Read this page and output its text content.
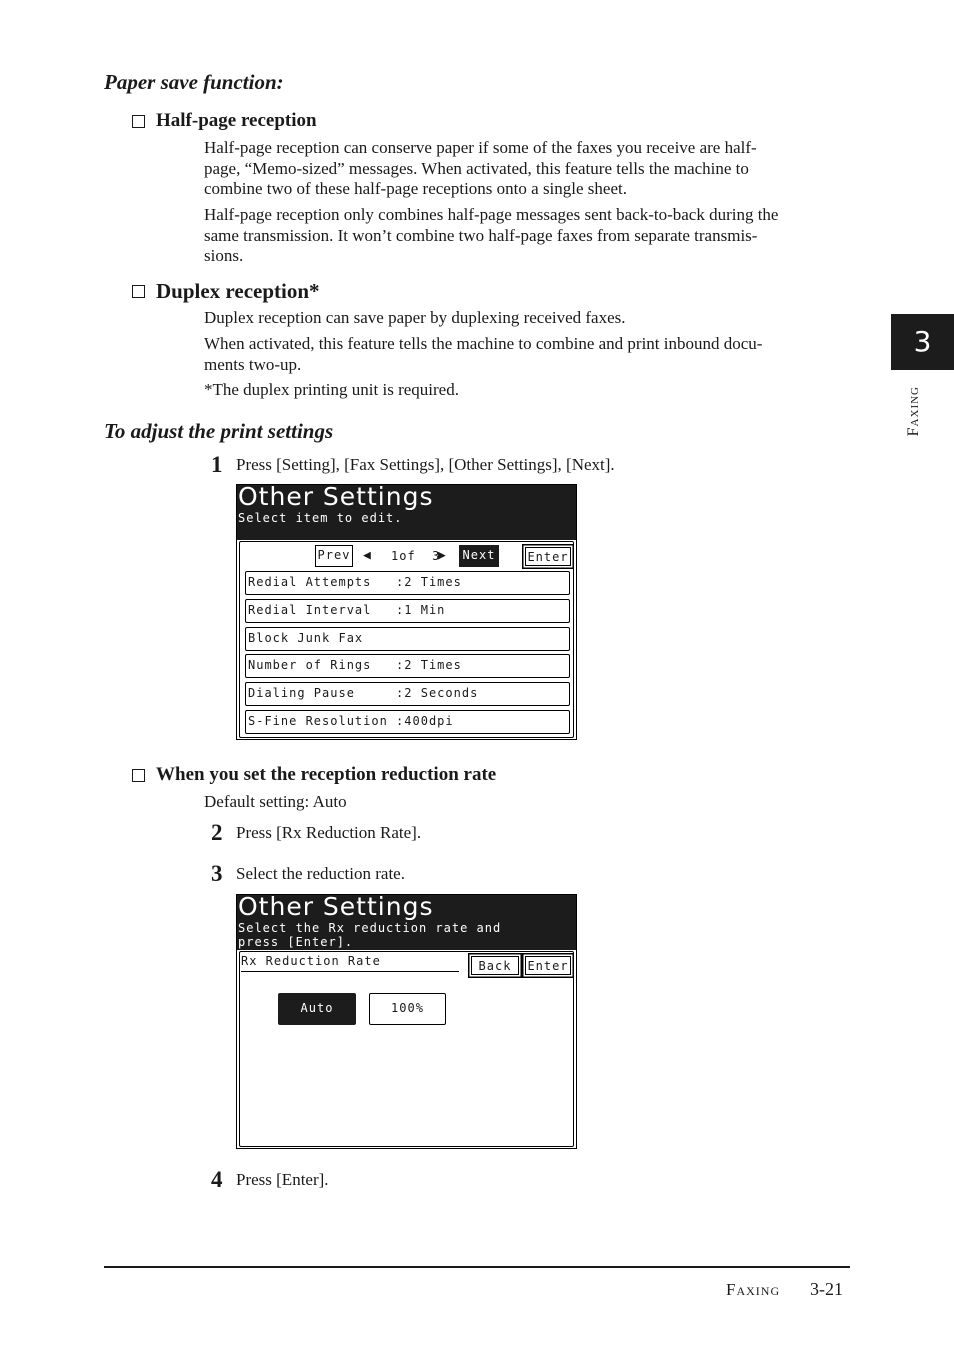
Paper save function:
Half-page reception
Half-page reception can conserve paper if some of the faxes you receive are half-
page, “Memo-sized” messages. When activated, this feature tells the machine to
combine two of these half-page receptions onto a single sheet.
Half-page reception only combines half-page messages sent back-to-back during the
same transmission. It won’t combine two half-page faxes from separate transmis-
sions.
Duplex reception*
Duplex reception can save paper by duplexing received faxes.
When activated, this feature tells the machine to combine and print inbound docu-
ments two-up.
*The duplex printing unit is required.
To adjust the print settings
1 Press [Setting], [Fax Settings], [Other Settings], [Next].
Other Settings
Select item to edit.
Prev ◀ 1of  3
▶ Next	Enter
Redial Attempts   :2 Times
Redial Interval   :1 Min
Block Junk Fax
Number of Rings   :2 Times
Dialing Pause     :2 Seconds
S-Fine Resolution :400dpi
When you set the reception reduction rate
Default setting: Auto
2 Press [Rx Reduction Rate].
3 Select the reduction rate.
Other Settings
Select the Rx reduction rate and
press [Enter].
Rx Reduction Rate	Back	Enter
Auto	100%
4 Press [Enter].
3
Faxing
Faxing 3-21
